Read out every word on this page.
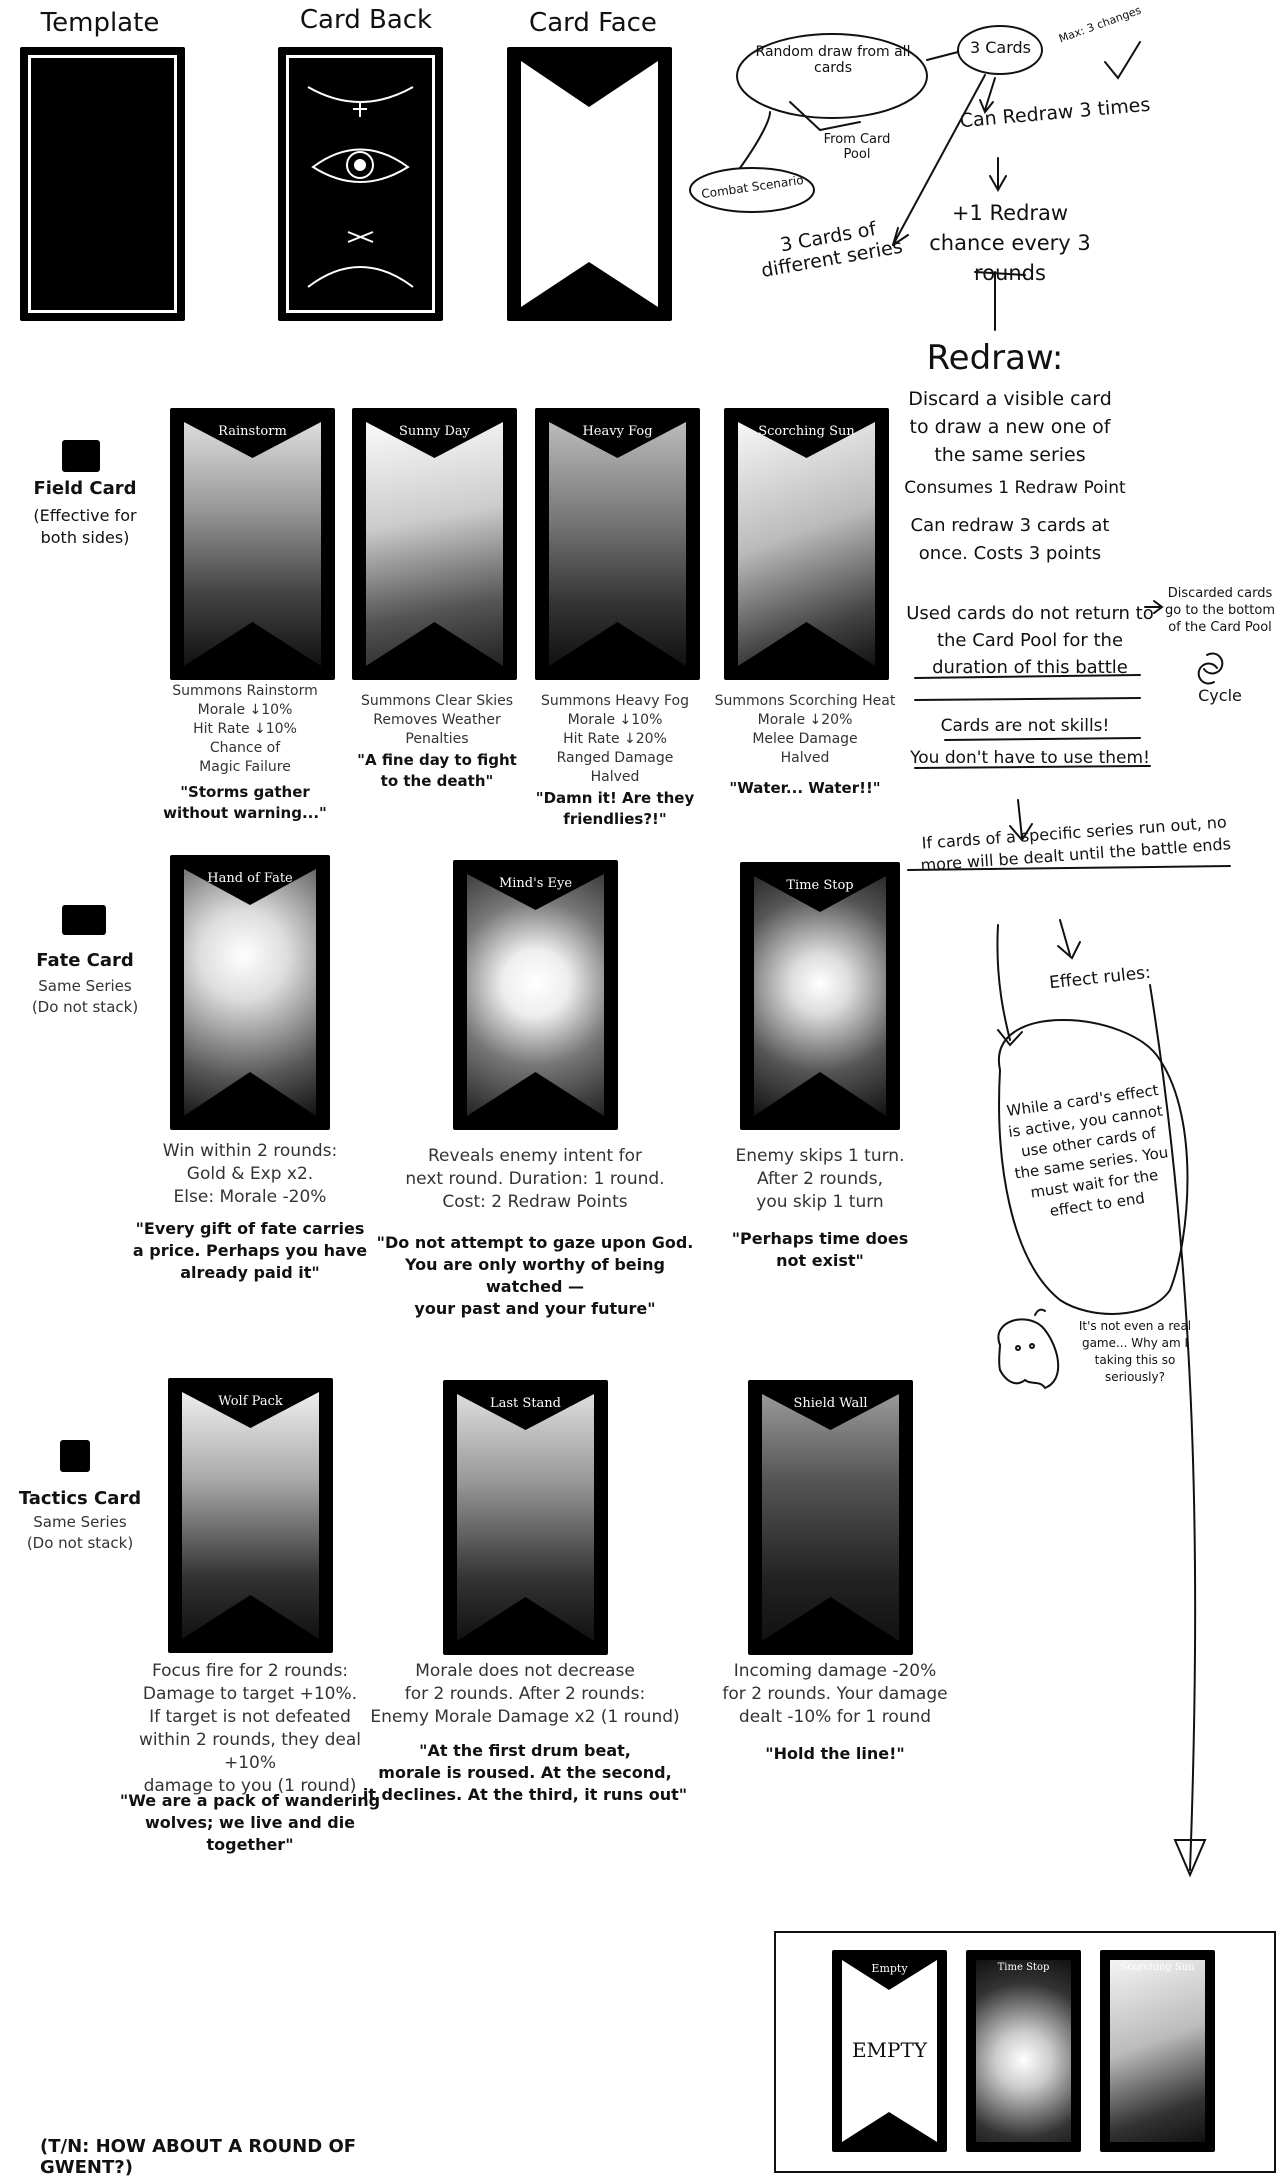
Template	Card Back	Card Face
Random draw from all cards
3 Cards
Max: 3 changes
From Card Pool
Combat Scenario
Can Redraw 3 times
3 Cards of different series
+1 Redraw chance every 3 rounds
Redraw:
Discard a visible card to draw a new one of the same series
Consumes 1 Redraw Point
Can redraw 3 cards at once. Costs 3 points
Used cards do not return to the Card Pool for the duration of this battle
Discarded cards go to the bottom of the Card Pool
Cycle
Cards are not skills!
You don't have to use them!
If cards of a specific series run out, no more will be dealt until the battle ends
Effect rules:
While a card's effect is active, you cannot use other cards of the same series. You must wait for the effect to end
It's not even a real game... Why am I taking this so seriously?
Field Card
(Effective for both sides)
Fate Card
Same Series
(Do not stack)
Tactics Card
Same Series
(Do not stack)
Rainstorm
Summons Rainstorm
Morale ↓10%
Hit Rate ↓10%
Chance of
Magic Failure
"Storms gather
without warning..."
Sunny Day
Summons Clear Skies
Removes Weather
Penalties
"A fine day to fight
to the death"
Heavy Fog
Summons Heavy Fog
Morale ↓10%
Hit Rate ↓20%
Ranged Damage
Halved
"Damn it! Are they
friendlies?!"
Scorching Sun
Summons Scorching Heat
Morale ↓20%
Melee Damage
Halved
"Water... Water!!"
Hand of Fate
Win within 2 rounds:
Gold & Exp x2.
Else: Morale -20%
"Every gift of fate carries
a price. Perhaps you have
already paid it"
Mind's Eye
Reveals enemy intent for
next round. Duration: 1 round.
Cost: 2 Redraw Points
"Do not attempt to gaze upon God.
You are only worthy of being watched —
your past and your future"
Time Stop
Enemy skips 1 turn.
After 2 rounds,
you skip 1 turn
"Perhaps time does
not exist"
Wolf Pack
Focus fire for 2 rounds:
Damage to target +10%.
If target is not defeated
within 2 rounds, they deal +10%
damage to you (1 round)
"We are a pack of wandering
wolves; we live and die together"
Last Stand
Morale does not decrease
for 2 rounds. After 2 rounds:
Enemy Morale Damage x2 (1 round)
"At the first drum beat,
morale is roused. At the second,
it declines. At the third, it runs out"
Shield Wall
Incoming damage -20%
for 2 rounds. Your damage
dealt -10% for 1 round
"Hold the line!"
(T/N: HOW ABOUT A ROUND OF GWENT?)
Empty
EMPTY
Time Stop	Scorching Sun
